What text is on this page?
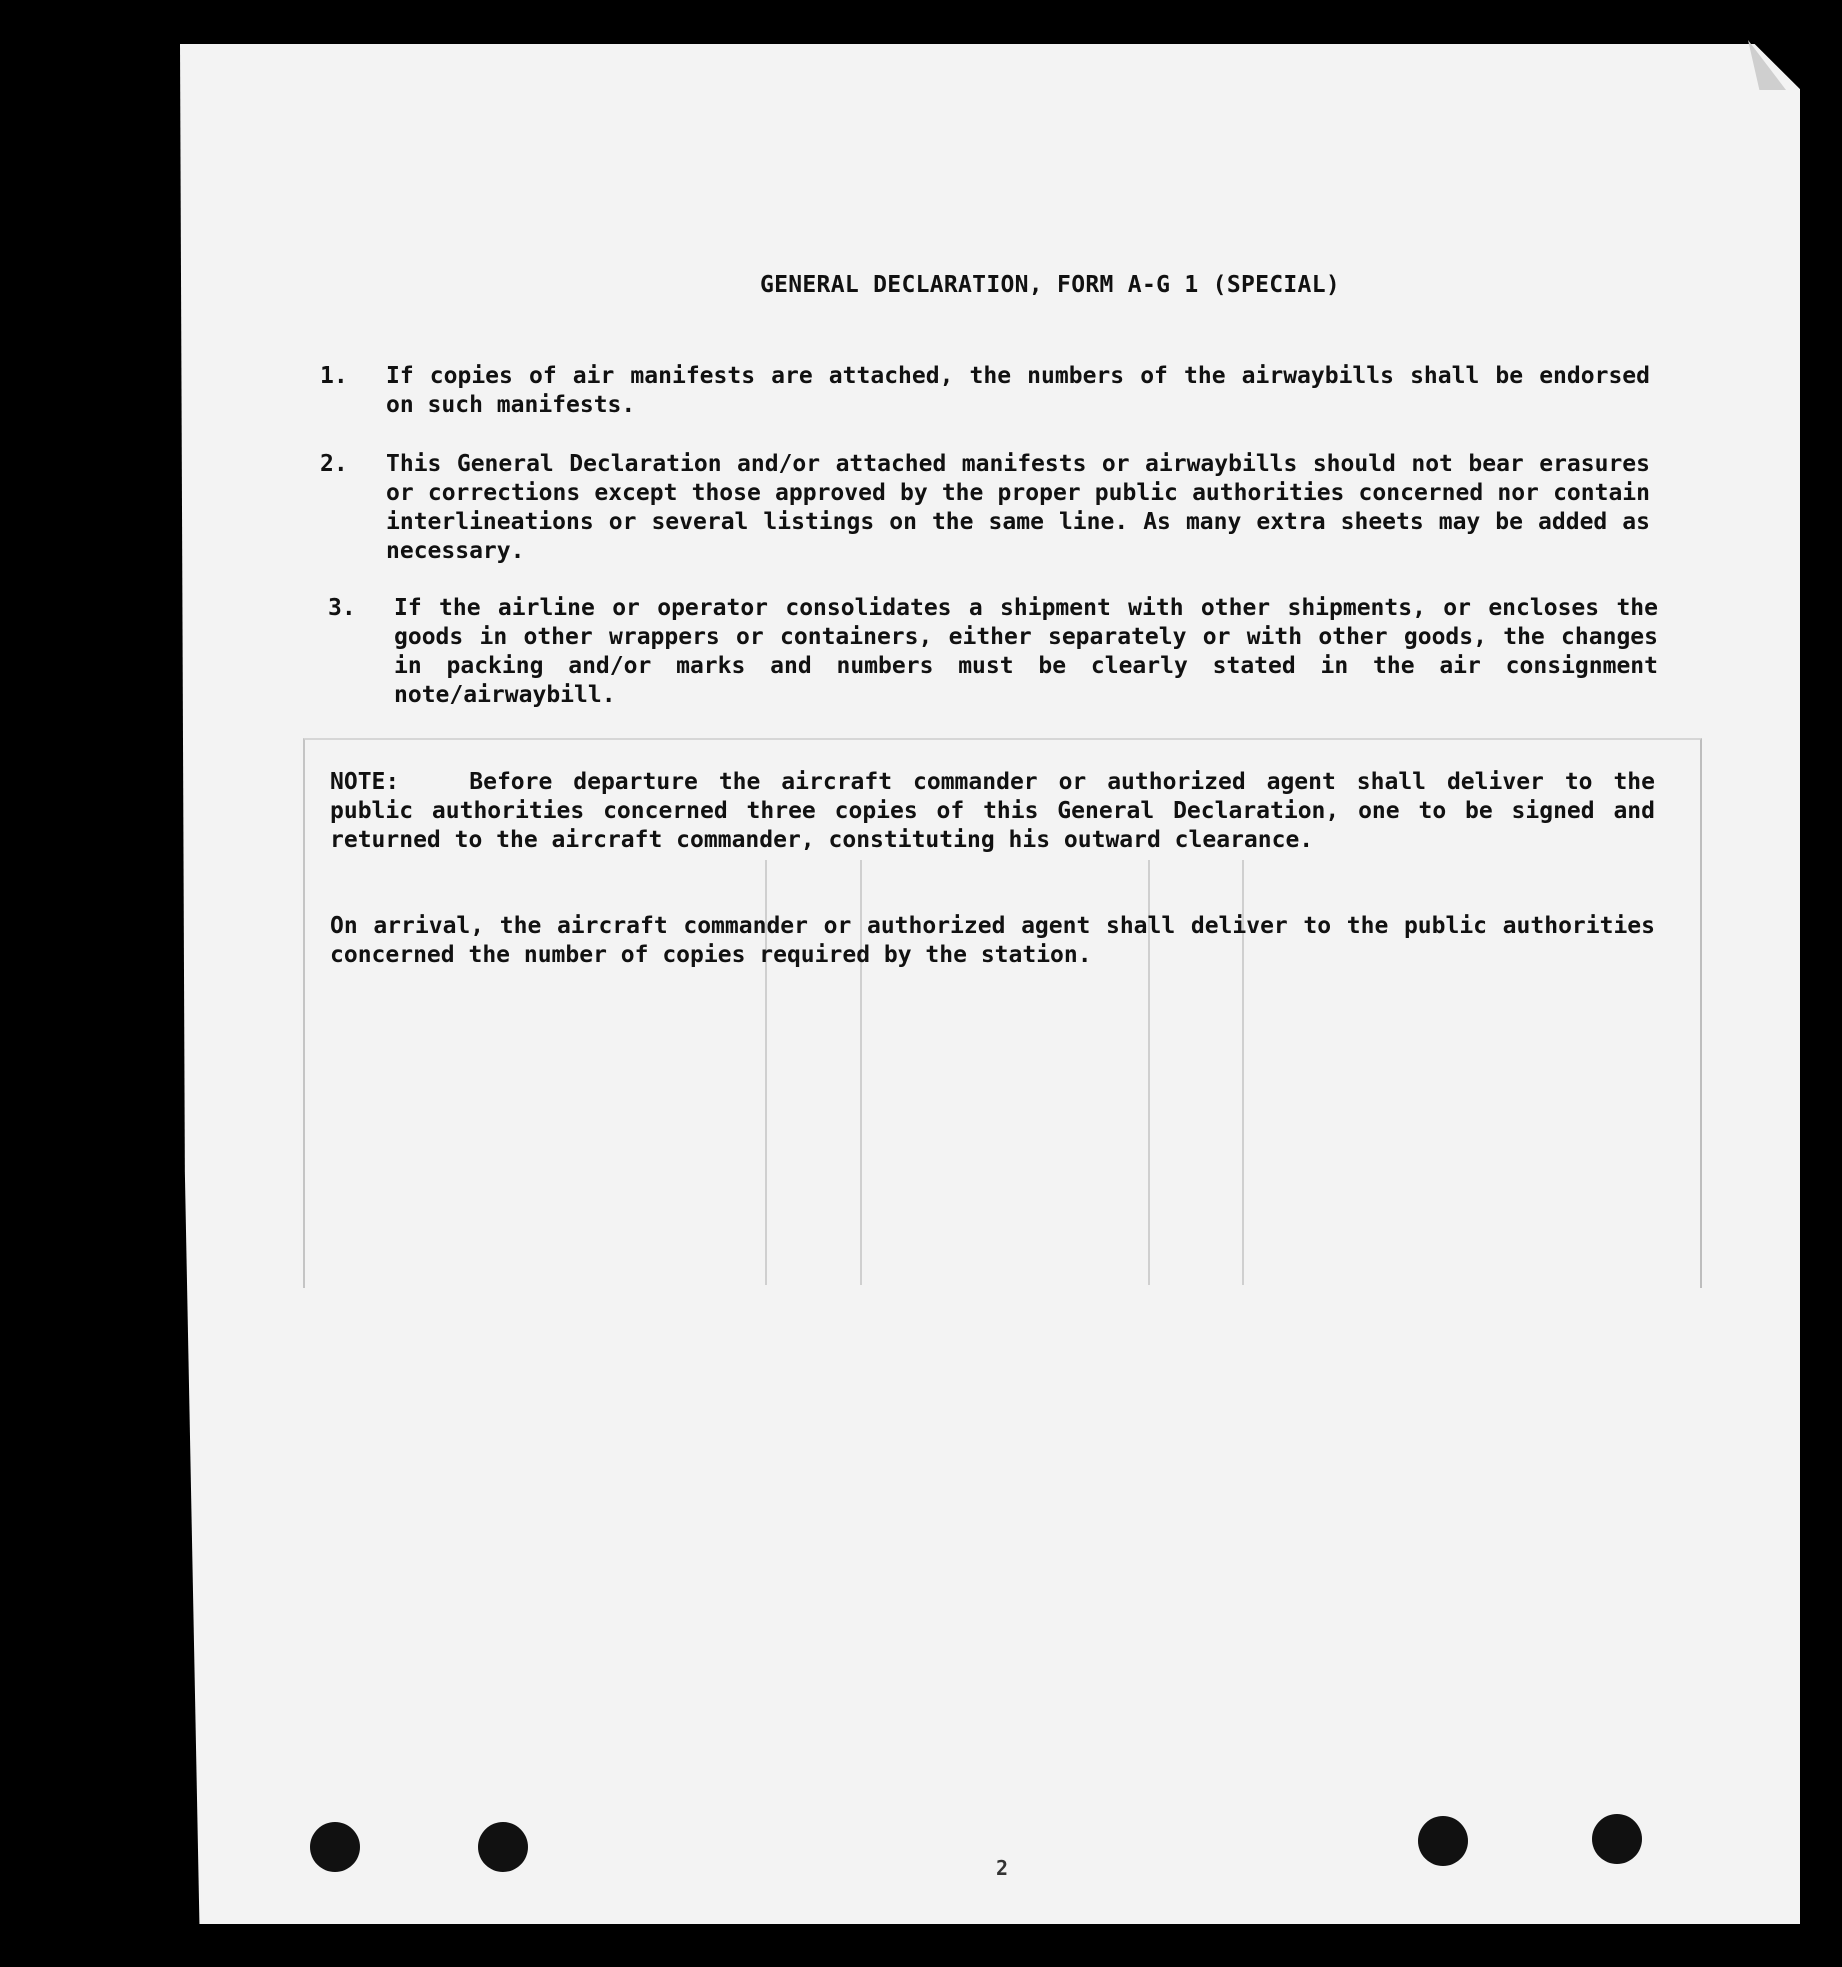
GENERAL DECLARATION, FORM A-G 1 (SPECIAL)
1. If copies of air manifests are attached, the numbers of the airwaybills shall be endorsed on such manifests.
2. This General Declaration and/or attached manifests or airwaybills should not bear erasures or corrections except those approved by the proper public authorities concerned nor contain interlineations or several listings on the same line. As many extra sheets may be added as necessary.
3. If the airline or operator consolidates a shipment with other shipments, or encloses the goods in other wrappers or containers, either separately or with other goods, the changes in packing and/or marks and numbers must be clearly stated in the air consignment note/airwaybill.
NOTE:	Before departure the aircraft commander or authorized agent shall deliver to the public authorities concerned three copies of this General Declaration, one to be signed and returned to the aircraft commander, constituting his outward clearance.
On arrival, the aircraft commander or authorized agent shall deliver to the public authorities concerned the number of copies required by the station.
2
